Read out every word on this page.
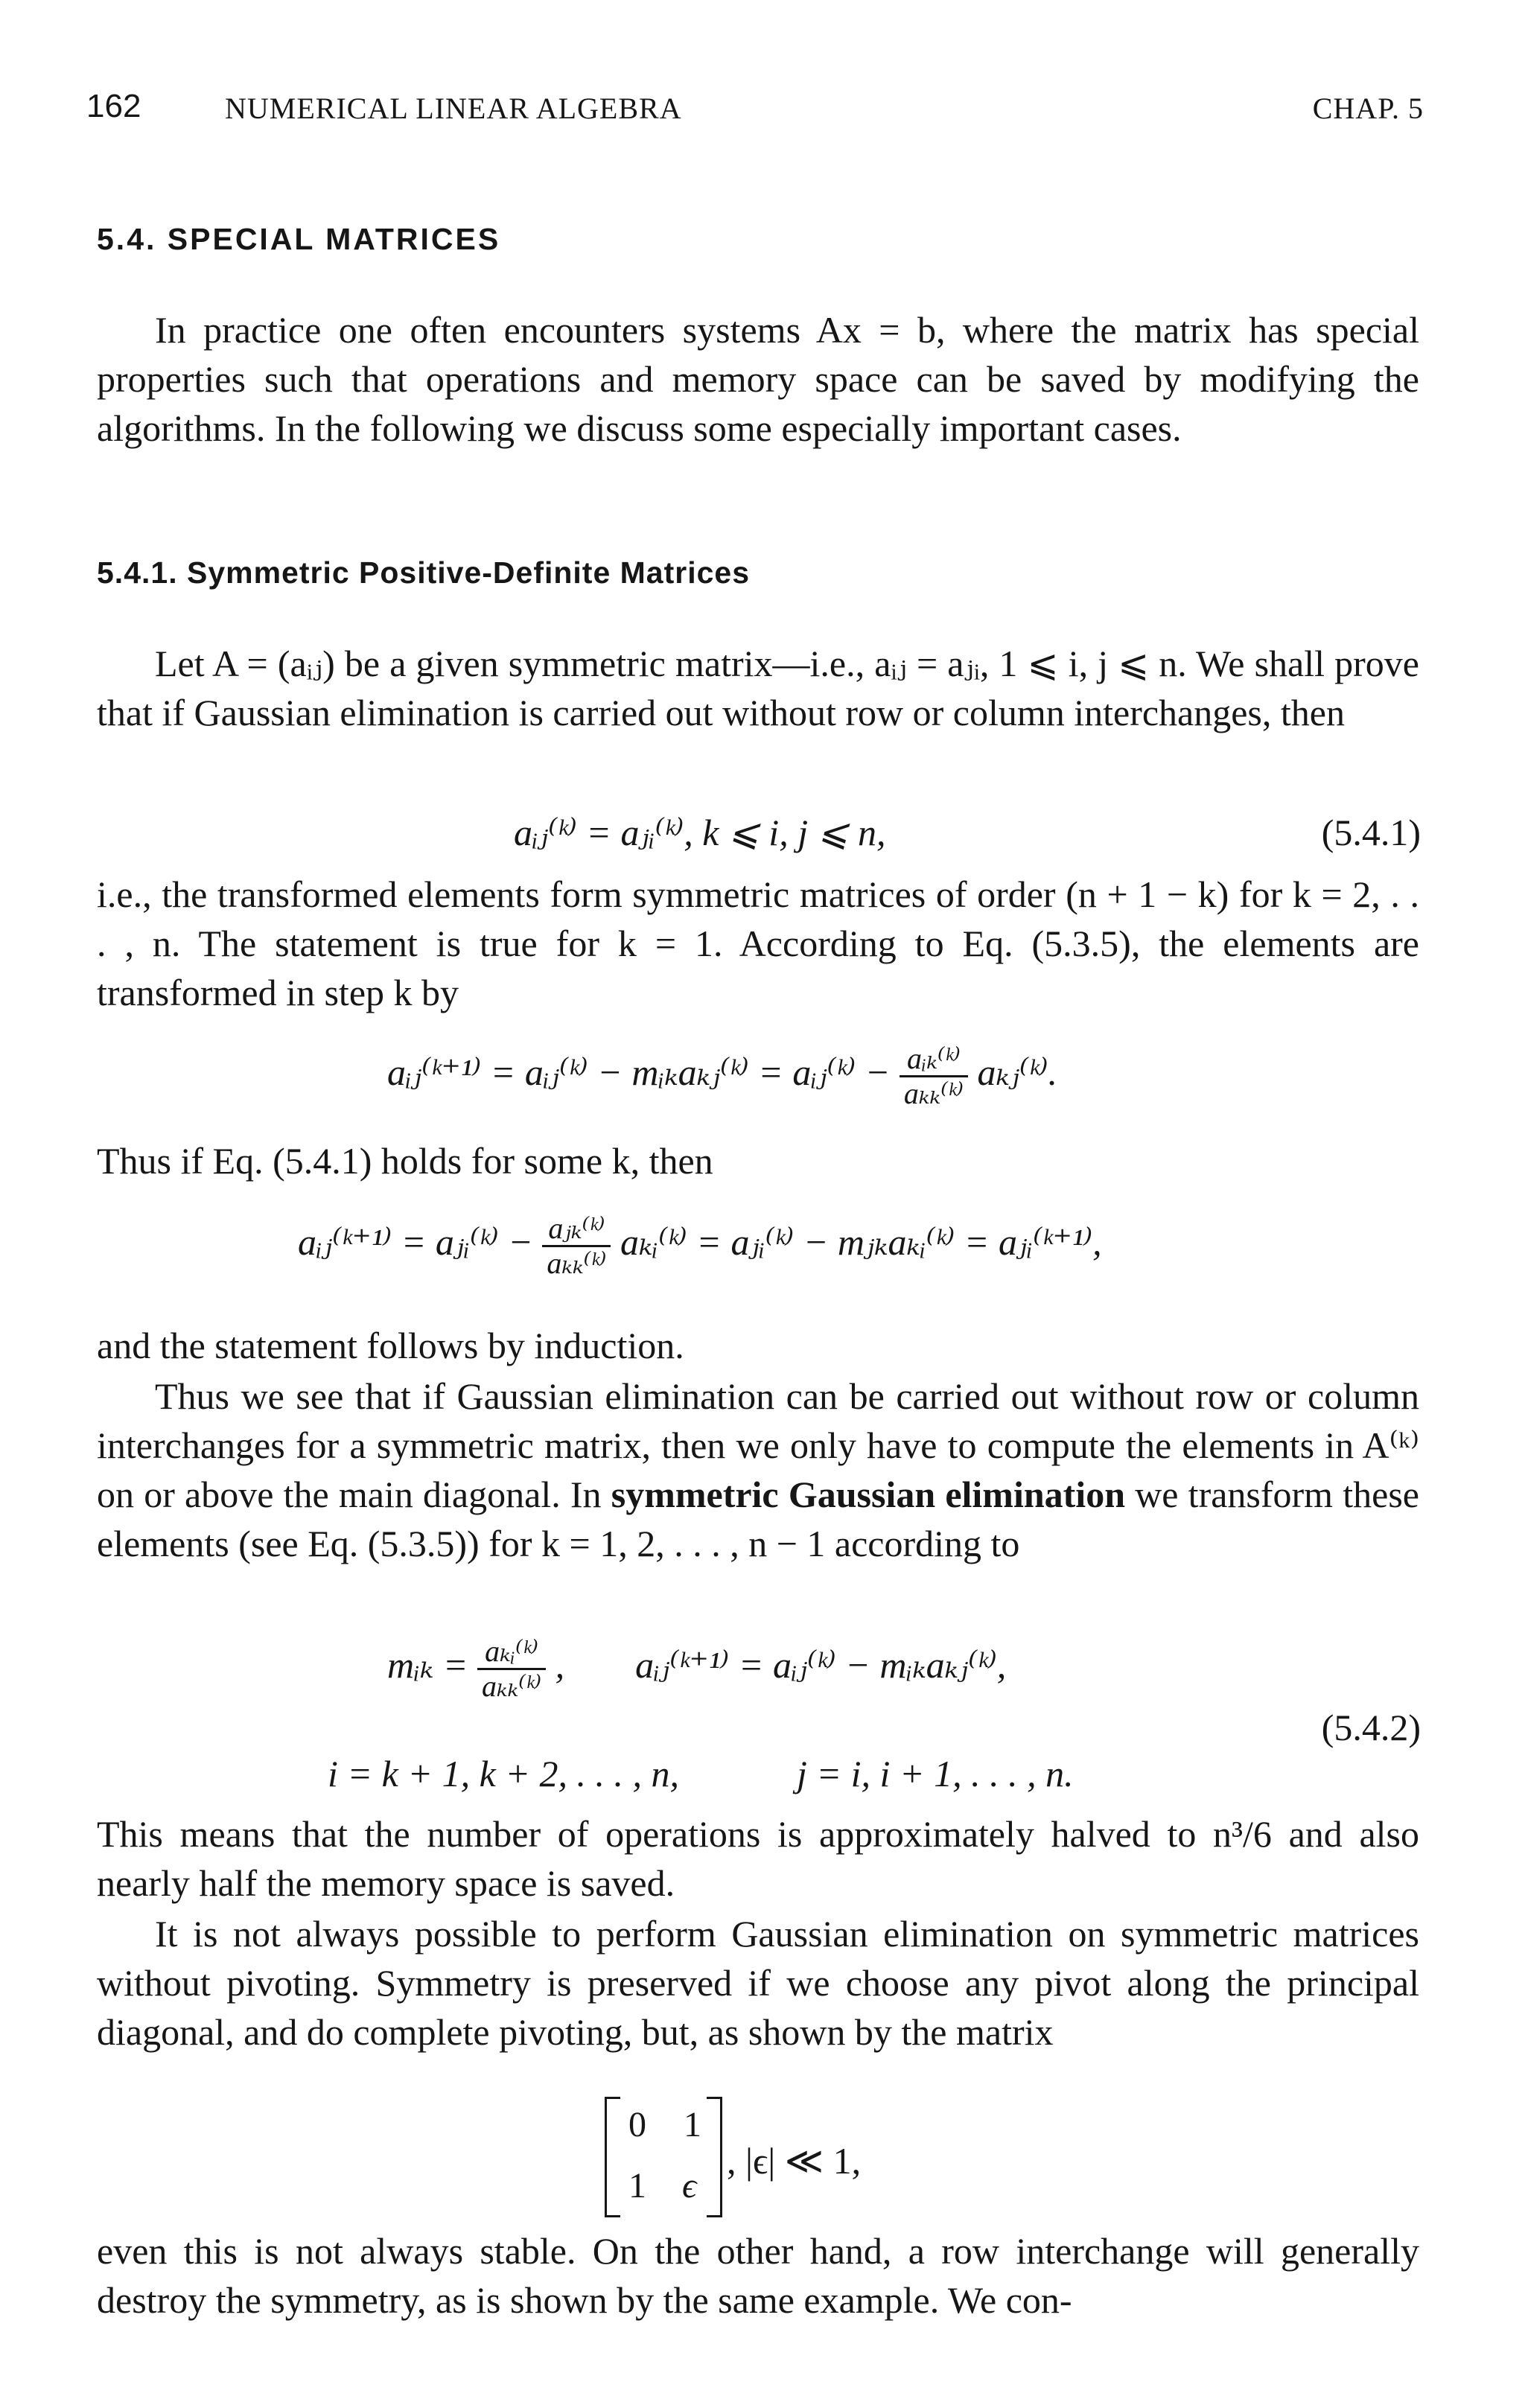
162	NUMERICAL LINEAR ALGEBRA	CHAP. 5
5.4. SPECIAL MATRICES

In practice one often encounters systems Ax = b, where the matrix has special properties such that operations and memory space can be saved by modifying the algorithms. In the following we discuss some especially important cases.

5.4.1. Symmetric Positive-Definite Matrices

Let A = (aᵢⱼ) be a given symmetric matrix—i.e., aᵢⱼ = aⱼᵢ, 1 ⩽ i, j ⩽ n. We shall prove that if Gaussian elimination is carried out without row or column interchanges, then

aᵢⱼ⁽ᵏ⁾ = aⱼᵢ⁽ᵏ⁾, k ⩽ i, j ⩽ n,	(5.4.1)

i.e., the transformed elements form symmetric matrices of order (n + 1 − k) for k = 2, . . . , n. The statement is true for k = 1. According to Eq. (5.3.5), the elements are transformed in step k by

aᵢⱼ⁽ᵏ⁺¹⁾ = aᵢⱼ⁽ᵏ⁾ − mᵢₖaₖⱼ⁽ᵏ⁾ = aᵢⱼ⁽ᵏ⁾ − $\frac{\text{aᵢₖ⁽ᵏ⁾}}{\text{aₖₖ⁽ᵏ⁾}}$ aₖⱼ⁽ᵏ⁾.

Thus if Eq. (5.4.1) holds for some k, then

aᵢⱼ⁽ᵏ⁺¹⁾ = aⱼᵢ⁽ᵏ⁾ − $\frac{\text{aⱼₖ⁽ᵏ⁾}}{\text{aₖₖ⁽ᵏ⁾}}$ aₖᵢ⁽ᵏ⁾ = aⱼᵢ⁽ᵏ⁾ − mⱼₖaₖᵢ⁽ᵏ⁾ = aⱼᵢ⁽ᵏ⁺¹⁾,

and the statement follows by induction.

Thus we see that if Gaussian elimination can be carried out without row or column interchanges for a symmetric matrix, then we only have to compute the elements in A⁽ᵏ⁾ on or above the main diagonal. In symmetric Gaussian elimination we transform these elements (see Eq. (5.3.5)) for k = 1, 2, . . . , n − 1 according to

mᵢₖ = $\frac{\text{aₖᵢ⁽ᵏ⁾}}{\text{aₖₖ⁽ᵏ⁾}}$ , aᵢⱼ⁽ᵏ⁺¹⁾ = aᵢⱼ⁽ᵏ⁾ − mᵢₖaₖⱼ⁽ᵏ⁾,
(5.4.2)
i = k + 1, k + 2, . . . , n,	j = i, i + 1, . . . , n.

This means that the number of operations is approximately halved to n³/6 and also nearly half the memory space is saved.

It is not always possible to perform Gaussian elimination on symmetric matrices without pivoting. Symmetry is preserved if we choose any pivot along the principal diagonal, and do complete pivoting, but, as shown by the matrix

0 1
1 ϵ
, |ϵ| ≪ 1,

even this is not always stable. On the other hand, a row interchange will generally destroy the symmetry, as is shown by the same example. We con-
